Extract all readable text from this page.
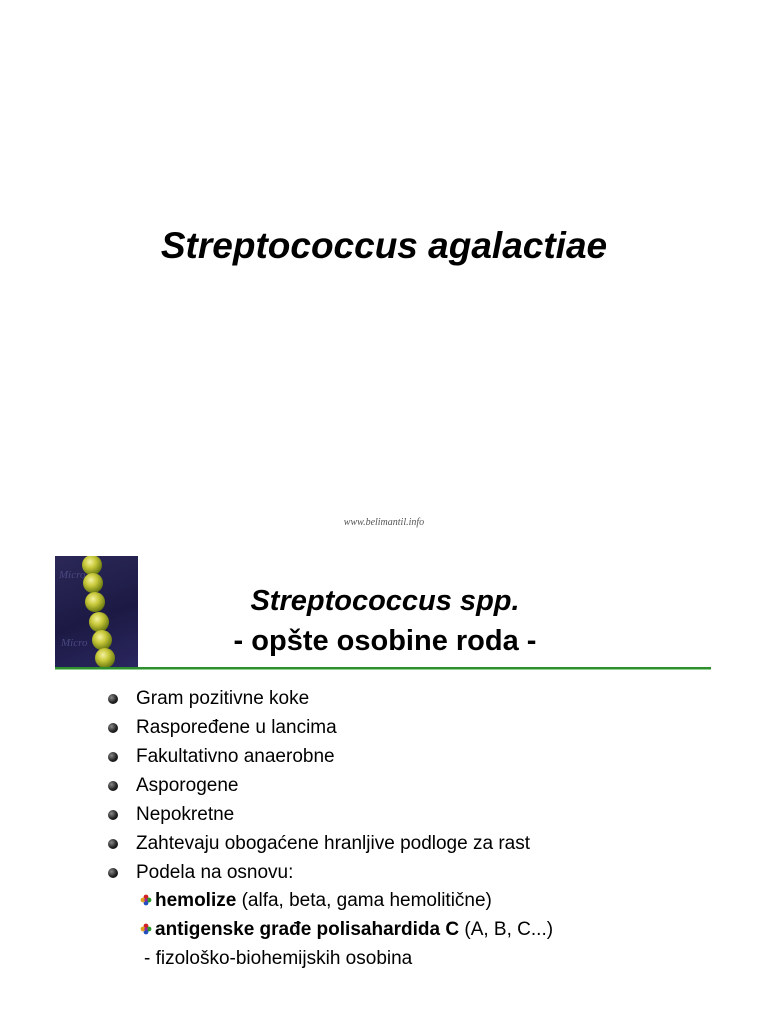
Streptococcus agalactiae
www.belimantil.info
Micro
Micro
Streptococcus spp.
- opšte osobine roda -
Gram pozitivne koke
Raspoređene u lancima
Fakultativno anaerobne
Asporogene
Nepokretne
Zahtevaju obogaćene hranljive podloge za rast
Podela na osnovu:
hemolize (alfa, beta, gama hemolitične)
antigenske građe polisahardida C (A, B, C...)
- fizološko-biohemijskih osobina
